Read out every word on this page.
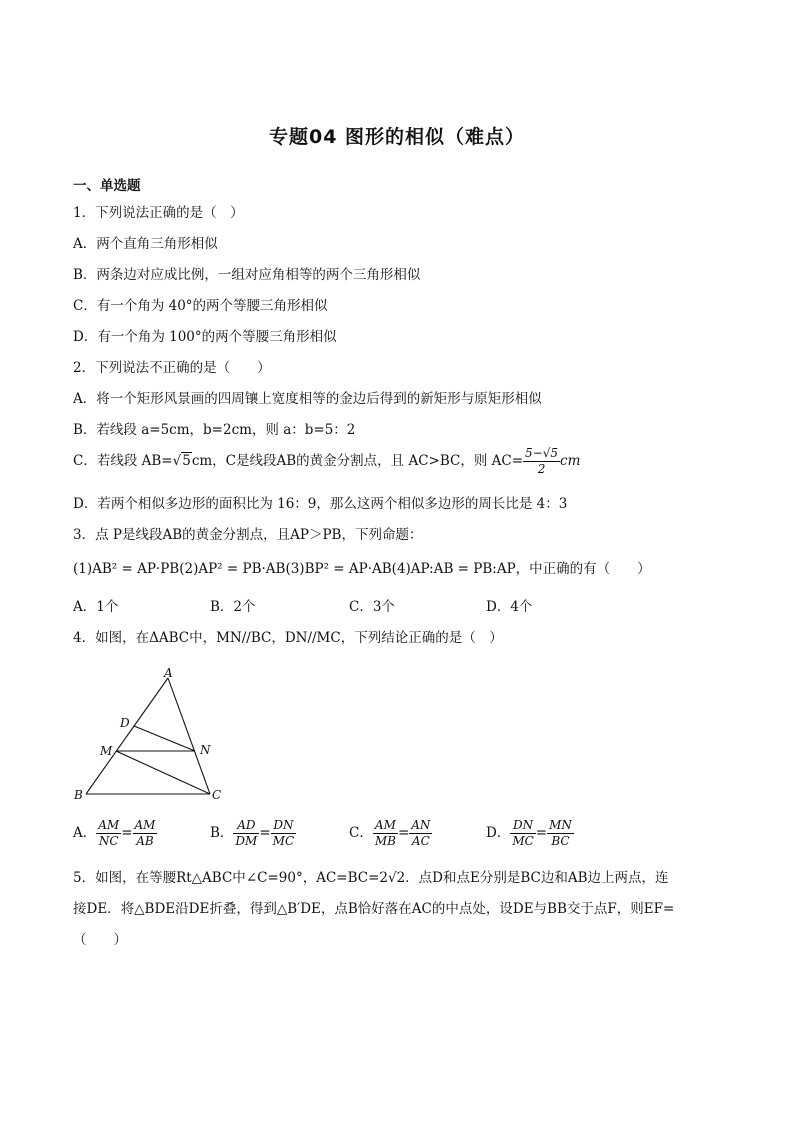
专题04 图形的相似（难点）
一、单选题
1．下列说法正确的是（　）
A．两个直角三角形相似
B．两条边对应成比例，一组对应角相等的两个三角形相似
C．有一个角为 40°的两个等腰三角形相似
D．有一个角为 100°的两个等腰三角形相似
2．下列说法不正确的是（　　）
A．将一个矩形风景画的四周镶上宽度相等的金边后得到的新矩形与原矩形相似
B．若线段 a=5cm，b=2cm，则 a：b=5：2
C．若线段 AB=√5cm，C是线段AB的黄金分割点，且 AC>BC，则 $AC= \frac{5-√5}{2}$ cm
D．若两个相似多边形的面积比为 16：9，那么这两个相似多边形的周长比是 4：3
3．点 P是线段AB的黄金分割点，且AP＞PB，下列命题：
(1)AB² = AP·PB(2)AP² = PB·AB(3)BP² = AP·AB(4)AP:AB = PB:AP，中正确的有（　　）
A．1个	B．2个	C．3个	D．4个
4．如图，在ΔABC中，MN//BC，DN//MC，下列结论正确的是（　）
A
D
M	N
B	C
A． $\frac{AM}{NC} = \frac{AM}{AB}$	B． $\frac{AD}{DM} = \frac{DN}{MC}$	C． $\frac{AM}{MB} = \frac{AN}{AC}$	D． $\frac{DN}{MC} = \frac{MN}{BC}$
5．如图，在等腰Rt△ABC中∠C=90°，AC=BC=2√2．点D和点E分别是BC边和AB边上两点，连
接DE．将△BDE沿DE折叠，得到△B′DE，点B恰好落在AC的中点处，设DE与BB交于点F，则EF=
（　　）
